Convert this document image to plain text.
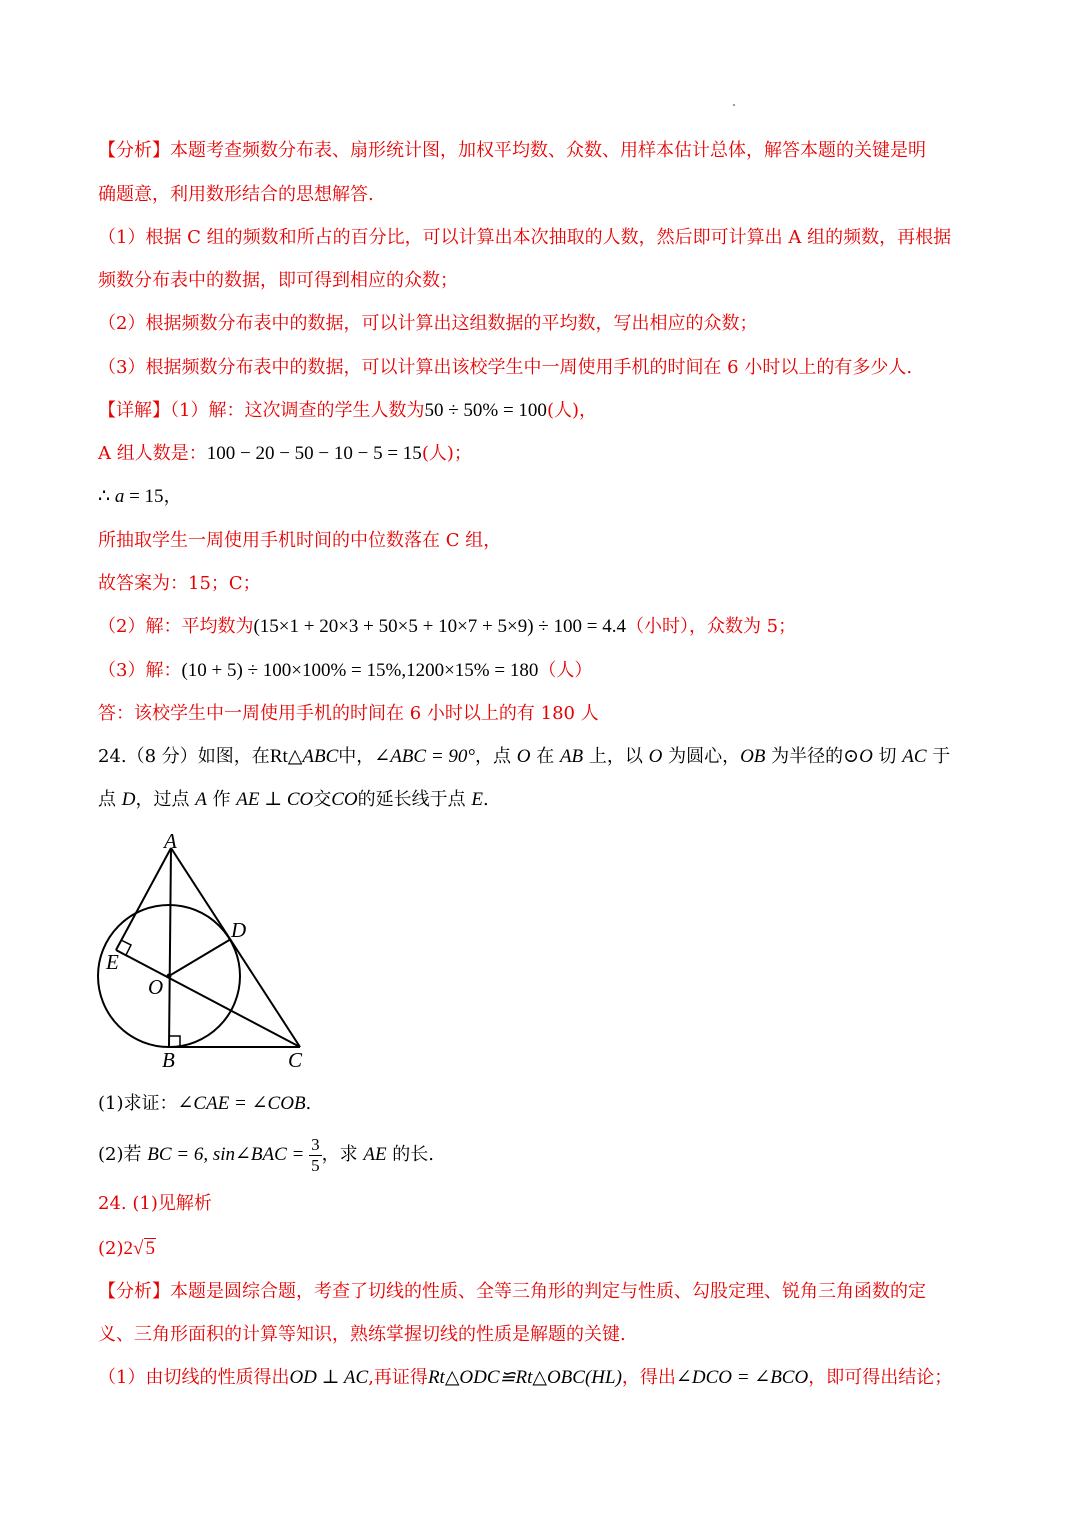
【分析】本题考查频数分布表、扇形统计图，加权平均数、众数、用样本估计总体，解答本题的关键是明
确题意，利用数形结合的思想解答.
（1）根据 C 组的频数和所占的百分比，可以计算出本次抽取的人数，然后即可计算出 A 组的频数，再根据
频数分布表中的数据，即可得到相应的众数；
（2）根据频数分布表中的数据，可以计算出这组数据的平均数，写出相应的众数；
（3）根据频数分布表中的数据，可以计算出该校学生中一周使用手机的时间在 6 小时以上的有多少人.
【详解】（1）解：这次调查的学生人数为50 ÷ 50% = 100(人)，
A 组人数是：100 − 20 − 50 − 10 − 5 = 15(人)；
∴ a = 15，
所抽取学生一周使用手机时间的中位数落在 C 组，
故答案为：15；C；
（2）解：平均数为(15×1 + 20×3 + 50×5 + 10×7 + 5×9) ÷ 100 = 4.4（小时），众数为 5；
（3）解：(10 + 5) ÷ 100×100% = 15%,1200×15% = 180（人）
答：该校学生中一周使用手机的时间在 6 小时以上的有 180 人
24.（8 分）如图，在Rt△ABC中，∠ABC = 90°，点 O 在 AB 上，以 O 为圆心，OB 为半径的⊙O 切 AC 于
点 D，过点 A 作 AE ⊥ CO交CO的延长线于点 E.
A
D
E
O
B	C
(1)求证：∠CAE = ∠COB.
(2)若 BC = 6, sin∠BAC = $\frac{3}{5}$ ，求 AE 的长.
24. (1)见解析
(2)2√ 5
【分析】本题是圆综合题，考查了切线的性质、全等三角形的判定与性质、勾股定理、锐角三角函数的定
义、三角形面积的计算等知识，熟练掌握切线的性质是解题的关键.
（1）由切线的性质得出OD ⊥ AC,再证得Rt△ODC≌Rt△OBC(HL)，得出∠DCO = ∠BCO，即可得出结论；
